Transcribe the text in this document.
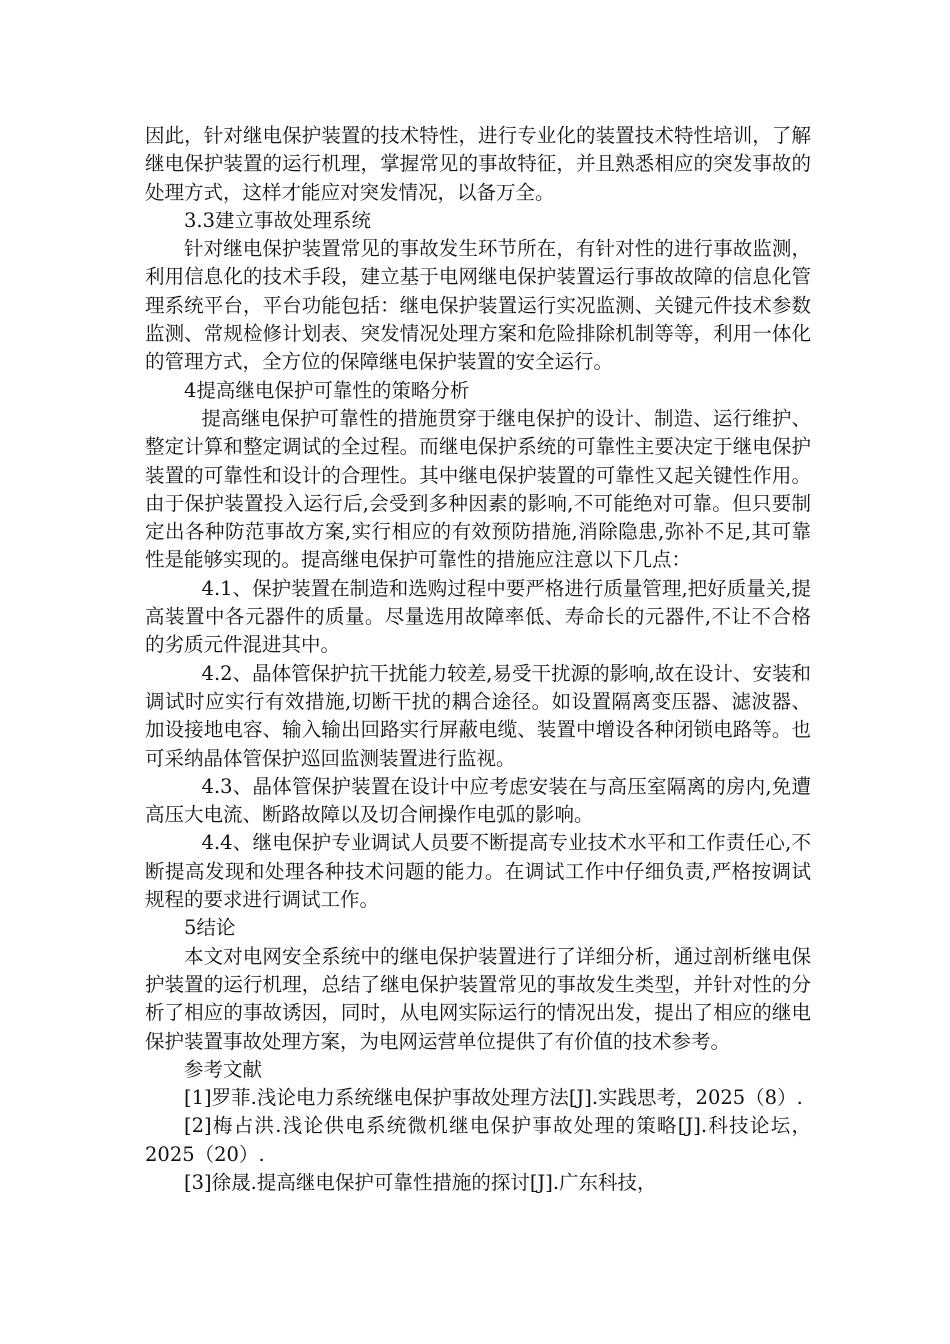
因此，针对继电保护装置的技术特性，进行专业化的装置技术特性培训，了解继电保护装置的运行机理，掌握常见的事故特征，并且熟悉相应的突发事故的处理方式，这样才能应对突发情况，以备万全。

3.3建立事故处理系统

针对继电保护装置常见的事故发生环节所在，有针对性的进行事故监测，利用信息化的技术手段，建立基于电网继电保护装置运行事故故障的信息化管理系统平台，平台功能包括：继电保护装置运行实况监测、关键元件技术参数监测、常规检修计划表、突发情况处理方案和危险排除机制等等，利用一体化的管理方式，全方位的保障继电保护装置的安全运行。

4提高继电保护可靠性的策略分析

提高继电保护可靠性的措施贯穿于继电保护的设计、制造、运行维护、整定计算和整定调试的全过程。而继电保护系统的可靠性主要决定于继电保护装置的可靠性和设计的合理性。其中继电保护装置的可靠性又起关键性作用。由于保护装置投入运行后,会受到多种因素的影响,不可能绝对可靠。但只要制定出各种防范事故方案,实行相应的有效预防措施,消除隐患,弥补不足,其可靠性是能够实现的。提高继电保护可靠性的措施应注意以下几点：

4.1、保护装置在制造和选购过程中要严格进行质量管理,把好质量关,提高装置中各元器件的质量。尽量选用故障率低、寿命长的元器件,不让不合格的劣质元件混进其中。

4.2、晶体管保护抗干扰能力较差,易受干扰源的影响,故在设计、安装和调试时应实行有效措施,切断干扰的耦合途径。如设置隔离变压器、滤波器、加设接地电容、输入输出回路实行屏蔽电缆、装置中增设各种闭锁电路等。也可采纳晶体管保护巡回监测装置进行监视。

4.3、晶体管保护装置在设计中应考虑安装在与高压室隔离的房内,免遭高压大电流、断路故障以及切合闸操作电弧的影响。

4.4、继电保护专业调试人员要不断提高专业技术水平和工作责任心,不断提高发现和处理各种技术问题的能力。在调试工作中仔细负责,严格按调试规程的要求进行调试工作。

5结论

本文对电网安全系统中的继电保护装置进行了详细分析，通过剖析继电保护装置的运行机理，总结了继电保护装置常见的事故发生类型，并针对性的分析了相应的事故诱因，同时，从电网实际运行的情况出发，提出了相应的继电保护装置事故处理方案，为电网运营单位提供了有价值的技术参考。

参考文献

[1]罗菲.浅论电力系统继电保护事故处理方法[J].实践思考，2025（8）.

[2]梅占洪.浅论供电系统微机继电保护事故处理的策略[J].科技论坛，2025（20）.

[3]徐晟.提高继电保护可靠性措施的探讨[J].广东科技，
